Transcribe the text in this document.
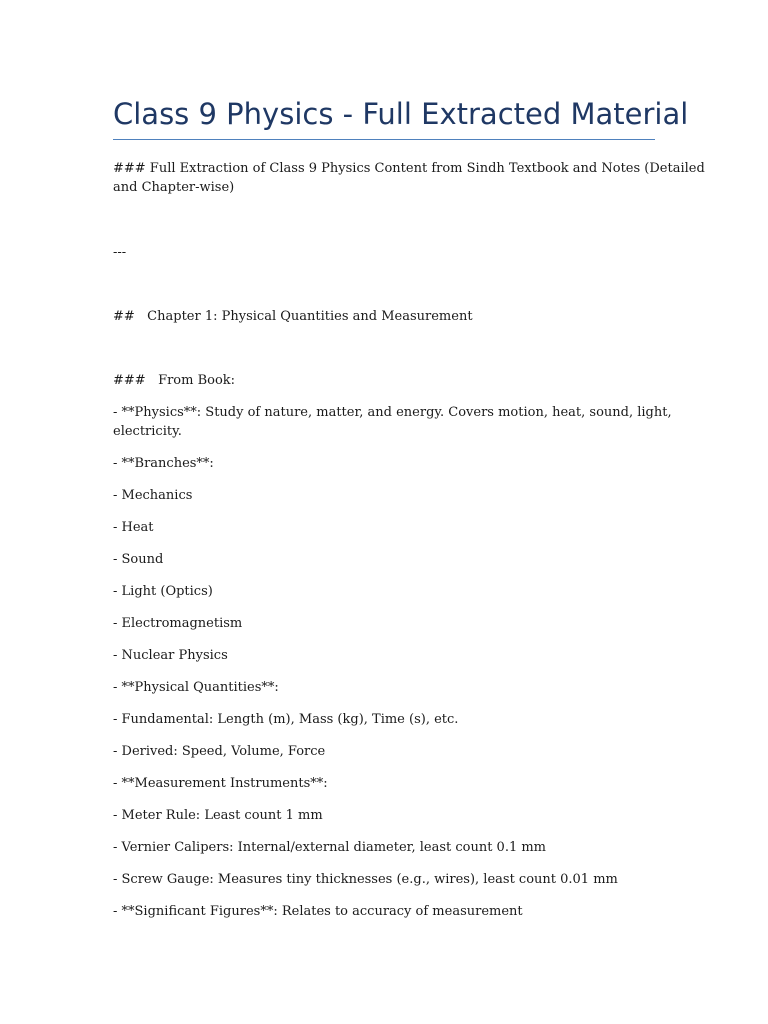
Class 9 Physics - Full Extracted Material

### Full Extraction of Class 9 Physics Content from Sindh Textbook and Notes (Detailed

and Chapter-wise)

---

##   Chapter 1: Physical Quantities and Measurement

###   From Book:

- **Physics**: Study of nature, matter, and energy. Covers motion, heat, sound, light,

electricity.

- **Branches**:

- Mechanics

- Heat

- Sound

- Light (Optics)

- Electromagnetism

- Nuclear Physics

- **Physical Quantities**:

- Fundamental: Length (m), Mass (kg), Time (s), etc.

- Derived: Speed, Volume, Force

- **Measurement Instruments**:

- Meter Rule: Least count 1 mm

- Vernier Calipers: Internal/external diameter, least count 0.1 mm

- Screw Gauge: Measures tiny thicknesses (e.g., wires), least count 0.01 mm

- **Significant Figures**: Relates to accuracy of measurement
